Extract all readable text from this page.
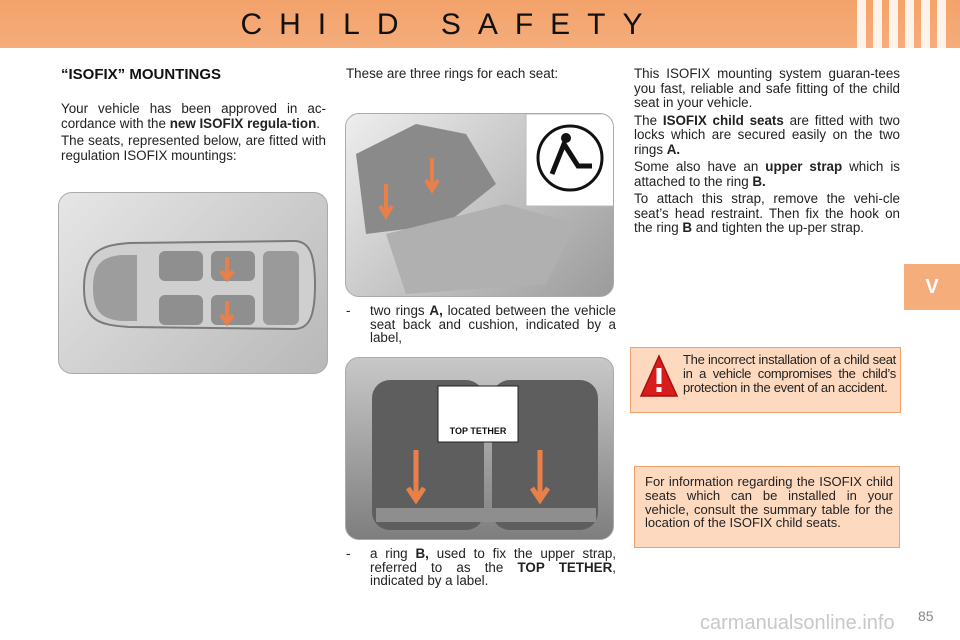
CHILD SAFETY
V
“ISOFIX” MOUNTINGS

Your vehicle has been approved in ac-cordance with the new ISOFIX regula-tion.

The seats, represented below, are fitted with regulation ISOFIX mountings:

These are three rings for each seat:
- two rings A, located between the vehicle seat back and cushion, indicated by a label,
TOP TETHER
- a ring B, used to fix the upper strap, referred to as the TOP TETHER, indicated by a label.

This ISOFIX mounting system guaran-tees you fast, reliable and safe fitting of the child seat in your vehicle.

The ISOFIX child seats are fitted with two locks which are secured easily on the two rings A.

Some also have an upper strap which is attached to the ring B.

To attach this strap, remove the vehi-cle seat’s head restraint. Then fix the hook on the ring B and tighten the up-per strap.

The incorrect installation of a child seat in a vehicle compromises the child’s protection in the event of an accident.
For information regarding the ISOFIX child seats which can be installed in your vehicle, consult the summary table for the location of the ISOFIX child seats.
carmanualsonline.info 85
